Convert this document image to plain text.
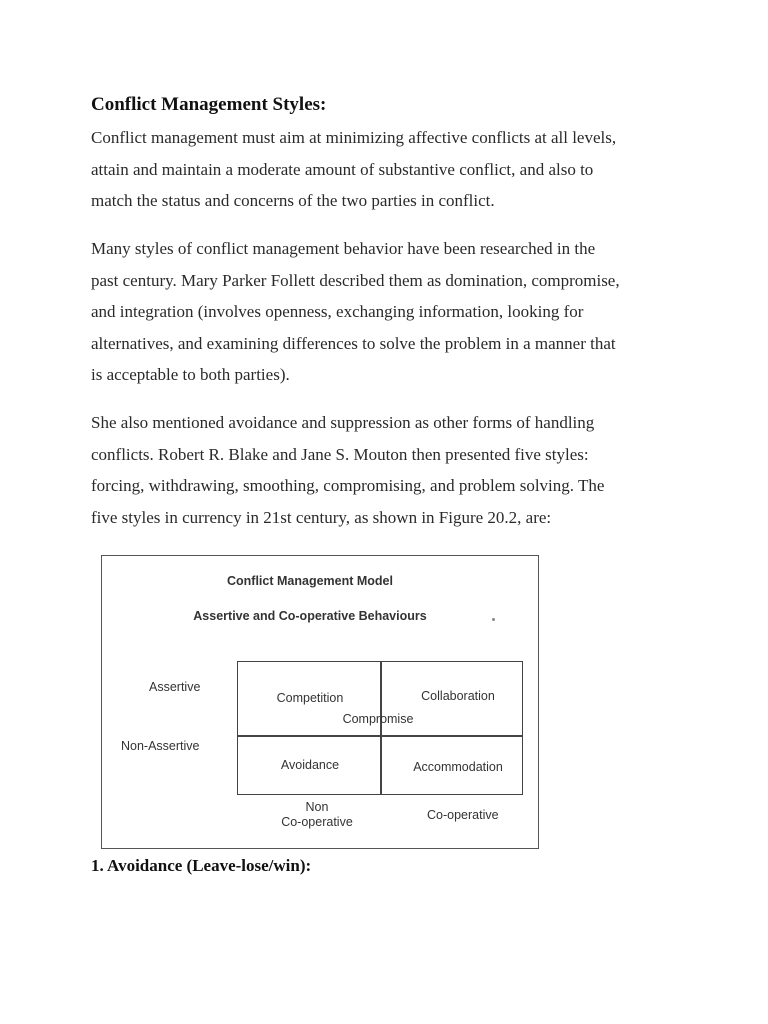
Conflict Management Styles:
Conflict management must aim at minimizing affective conflicts at all levels,
attain and maintain a moderate amount of substantive conflict, and also to
match the status and concerns of the two parties in conflict.
Many styles of conflict management behavior have been researched in the
past century. Mary Parker Follett described them as domination, compromise,
and integration (involves openness, exchanging information, looking for
alternatives, and examining differences to solve the problem in a manner that
is acceptable to both parties).
She also mentioned avoidance and suppression as other forms of handling
conflicts. Robert R. Blake and Jane S. Mouton then presented five styles:
forcing, withdrawing, smoothing, compromising, and problem solving. The
five styles in currency in 21st century, as shown in Figure 20.2, are:
Conflict Management Model
Assertive and Co-operative Behaviours
Assertive
Non-Assertive
Competition	Collaboration
Compromise
Avoidance	Accommodation
Non
Co-operative	Co-operative
1. Avoidance (Leave-lose/win):
